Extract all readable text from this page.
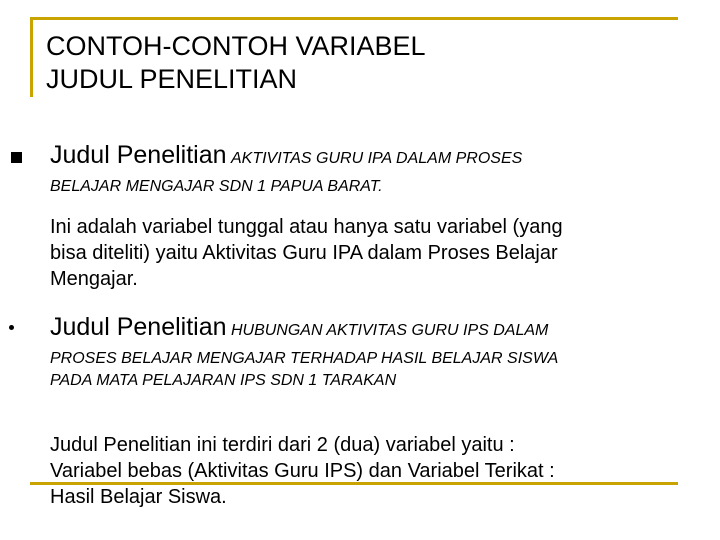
CONTOH-CONTOH VARIABEL
JUDUL PENELITIAN
Judul Penelitian AKTIVITAS GURU IPA DALAM PROSES
BELAJAR MENGAJAR SDN 1 PAPUA BARAT.
Ini adalah variabel tunggal atau hanya satu variabel (yang
bisa diteliti) yaitu Aktivitas Guru IPA dalam Proses Belajar
Mengajar.
Judul Penelitian HUBUNGAN AKTIVITAS GURU IPS DALAM
PROSES BELAJAR MENGAJAR TERHADAP HASIL BELAJAR SISWA
PADA MATA PELAJARAN IPS SDN 1 TARAKAN
Judul Penelitian ini terdiri dari 2 (dua) variabel yaitu :
Variabel bebas (Aktivitas Guru IPS) dan Variabel Terikat :
Hasil Belajar Siswa.
